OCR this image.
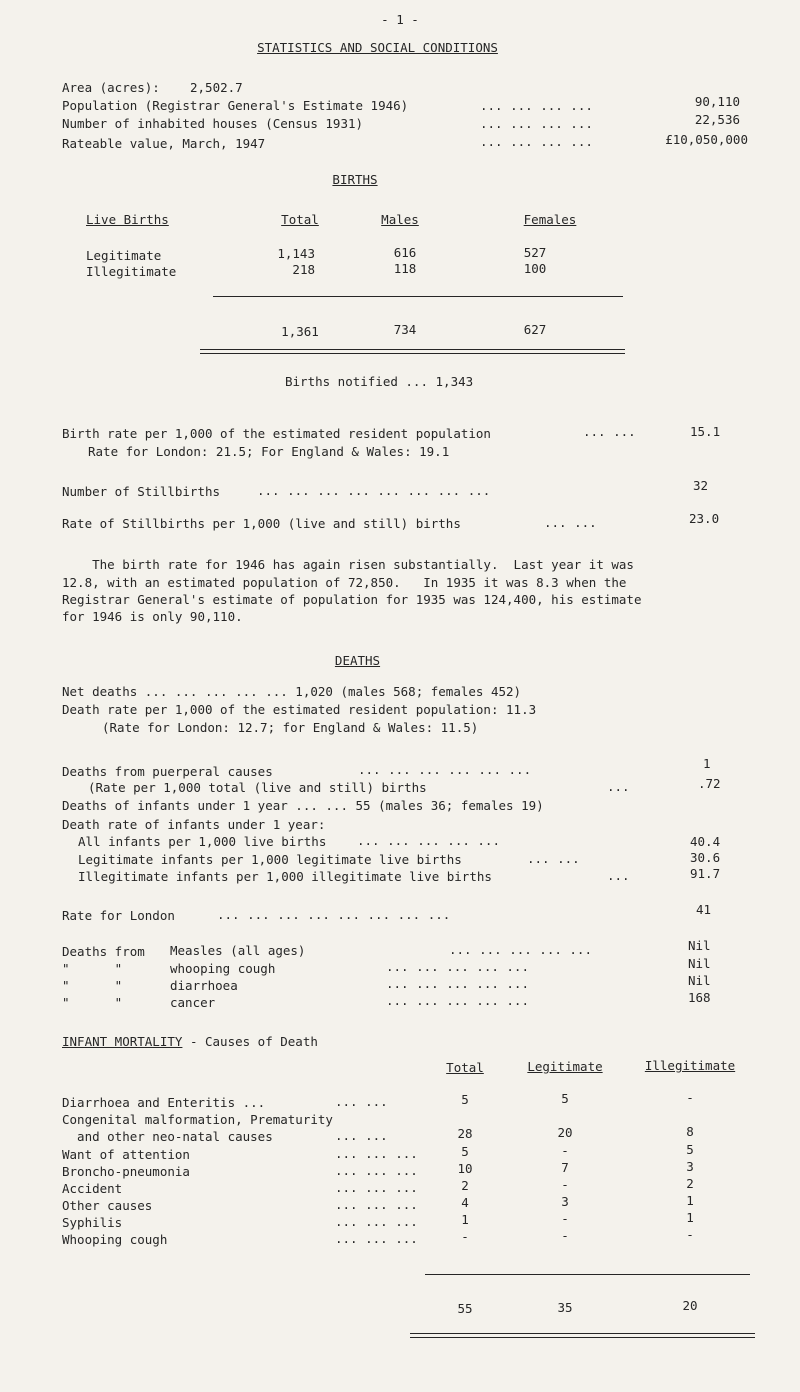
- 1 -
STATISTICS AND SOCIAL CONDITIONS
Area (acres): 2,502.7
Population (Registrar General's Estimate 1946)	... ... ... ...	90,110
Number of inhabited houses (Census 1931)	... ... ... ...	22,536
Rateable value, March, 1947	... ... ... ...	£10,050,000
BIRTHS
Live Births	Total	Males	Females
Legitimate	1,143	616	527
Illegitimate	218	118	100
1,361	734	627
Births notified ... 1,343
Birth rate per 1,000 of the estimated resident population	... ...	15.1
Rate for London: 21.5; For England & Wales: 19.1
Number of Stillbirths	... ... ... ... ... ... ... ...	32
Rate of Stillbirths per 1,000 (live and still) births	... ...	23.0
The birth rate for 1946 has again risen substantially.  Last year it was
12.8, with an estimated population of 72,850.   In 1935 it was 8.3 when the
Registrar General's estimate of population for 1935 was 124,400, his estimate
for 1946 is only 90,110.
DEATHS
Net deaths ... ... ... ... ... 1,020 (males 568; females 452)
Death rate per 1,000 of the estimated resident population: 11.3
(Rate for London: 12.7; for England & Wales: 11.5)
Deaths from puerperal causes	... ... ... ... ... ...	1
(Rate per 1,000 total (live and still) births	...	.72
Deaths of infants under 1 year ... ... 55 (males 36; females 19)
Death rate of infants under 1 year:
All infants per 1,000 live births ... ... ... ... ...	40.4
Legitimate infants per 1,000 legitimate live births	... ...	30.6
Illegitimate infants per 1,000 illegitimate live births	...	91.7
Rate for London	... ... ... ... ... ... ... ...	41
Deaths from Measles (all ages)	... ... ... ... ...	Nil
"      "	whooping cough	... ... ... ... ...	Nil
"      "	diarrhoea	... ... ... ... ...	Nil
"      "	cancer	... ... ... ... ...	168
INFANT MORTALITY - Causes of Death
Total	Legitimate	Illegitimate
Diarrhoea and Enteritis ...	... ...	5	5	-
Congenital malformation, Prematurity
and other neo-natal causes	... ...	28	20	8
Want of attention	... ... ...	5	-	5
Broncho-pneumonia	... ... ...	10	7	3
Accident	... ... ...	2	-	2
Other causes	... ... ...	4	3	1
Syphilis	... ... ...	1	-	1
Whooping cough	... ... ...	-	-	-
55	35	20
